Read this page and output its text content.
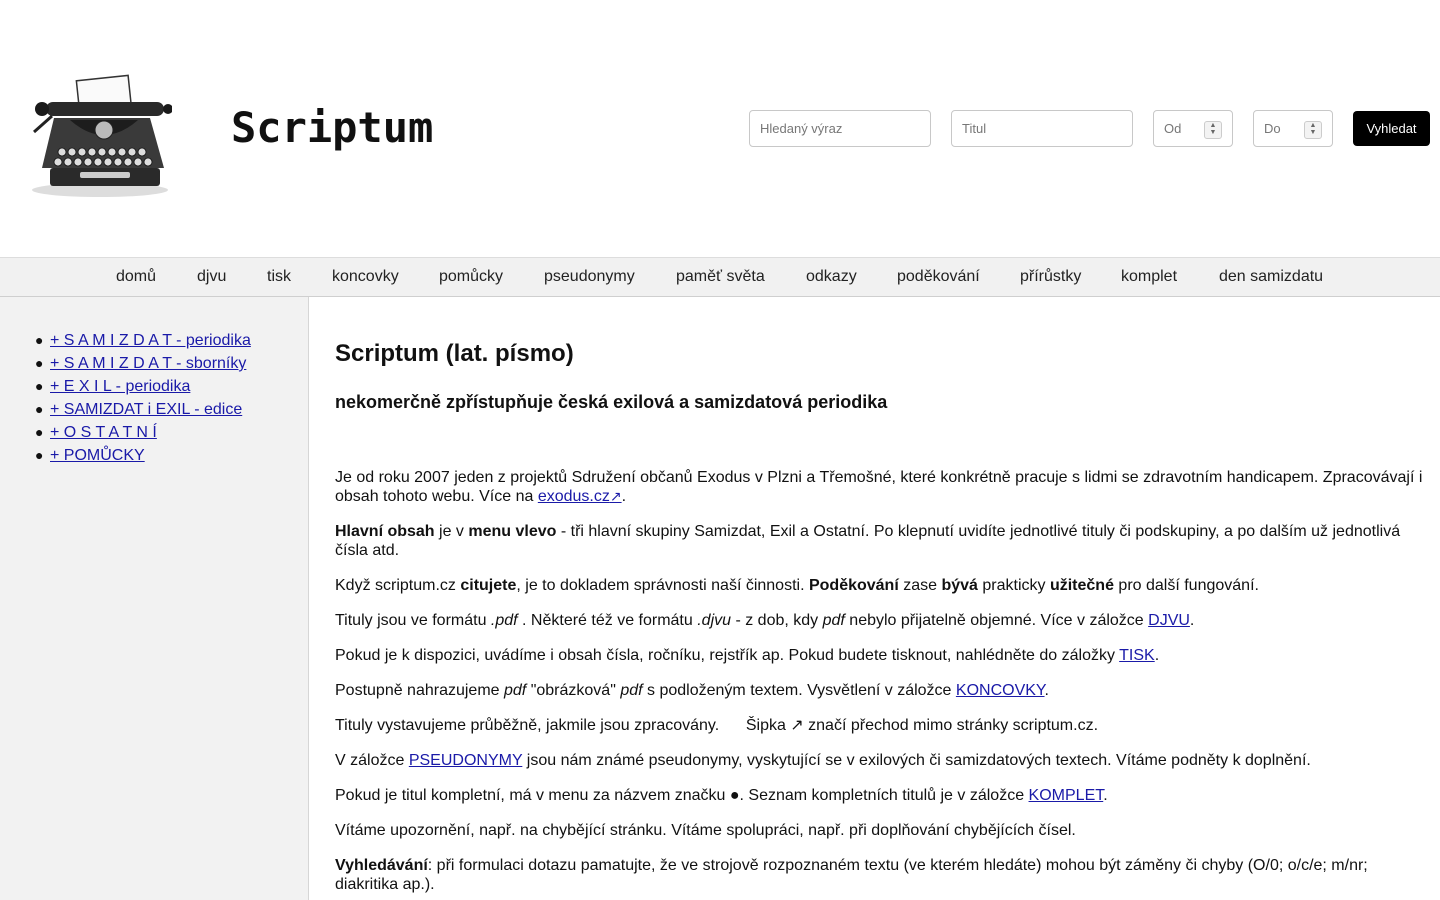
Scriptum
Hledaný výraz
Titul
Od	▲
▼
Do
▲
▼	Vyhledat
domů	djvu	tisk	koncovky	pomůcky	pseudonymy	paměť světa	odkazy	poděkování	přírůstky komplet	den samizdatu
● + S A M I Z D A T - periodika
● + S A M I Z D A T - sborníky
● + E X I L - periodika
● + SAMIZDAT i EXIL - edice
● + O S T A T N Í
● + POMŮCKY
Scriptum (lat. písmo)
nekomerčně zpřístupňuje česká exilová a samizdatová periodika

Je od roku 2007 jeden z projektů Sdružení občanů Exodus v Plzni a Třemošné, které konkrétně pracuje s lidmi se zdravotním handicapem. Zpracovávají i obsah tohoto webu. Více na exodus.cz↗.

Hlavní obsah je v menu vlevo - tři hlavní skupiny Samizdat, Exil a Ostatní. Po klepnutí uvidíte jednotlivé tituly či podskupiny, a po dalším už jednotlivá čísla atd.

Když scriptum.cz citujete, je to dokladem správnosti naší činnosti. Poděkování zase bývá prakticky užitečné pro další fungování.

Tituly jsou ve formátu .pdf . Některé též ve formátu .djvu - z dob, kdy pdf nebylo přijatelně objemné. Více v záložce DJVU.

Pokud je k dispozici, uvádíme i obsah čísla, ročníku, rejstřík ap. Pokud budete tisknout, nahlédněte do záložky TISK.

Postupně nahrazujeme pdf "obrázková" pdf s podloženým textem. Vysvětlení v záložce KONCOVKY.

Tituly vystavujeme průběžně, jakmile jsou zpracovány.      Šipka ↗ značí přechod mimo stránky scriptum.cz.

V záložce PSEUDONYMY jsou nám známé pseudonymy, vyskytující se v exilových či samizdatových textech. Vítáme podněty k doplnění.

Pokud je titul kompletní, má v menu za názvem značku ●. Seznam kompletních titulů je v záložce KOMPLET.

Vítáme upozornění, např. na chybějící stránku. Vítáme spolupráci, např. při doplňování chybějících čísel.

Vyhledávání: při formulaci dotazu pamatujte, že ve strojově rozpoznaném textu (ve kterém hledáte) mohou být záměny či chyby (O/0; o/c/e; m/nr; diakritika ap.).
